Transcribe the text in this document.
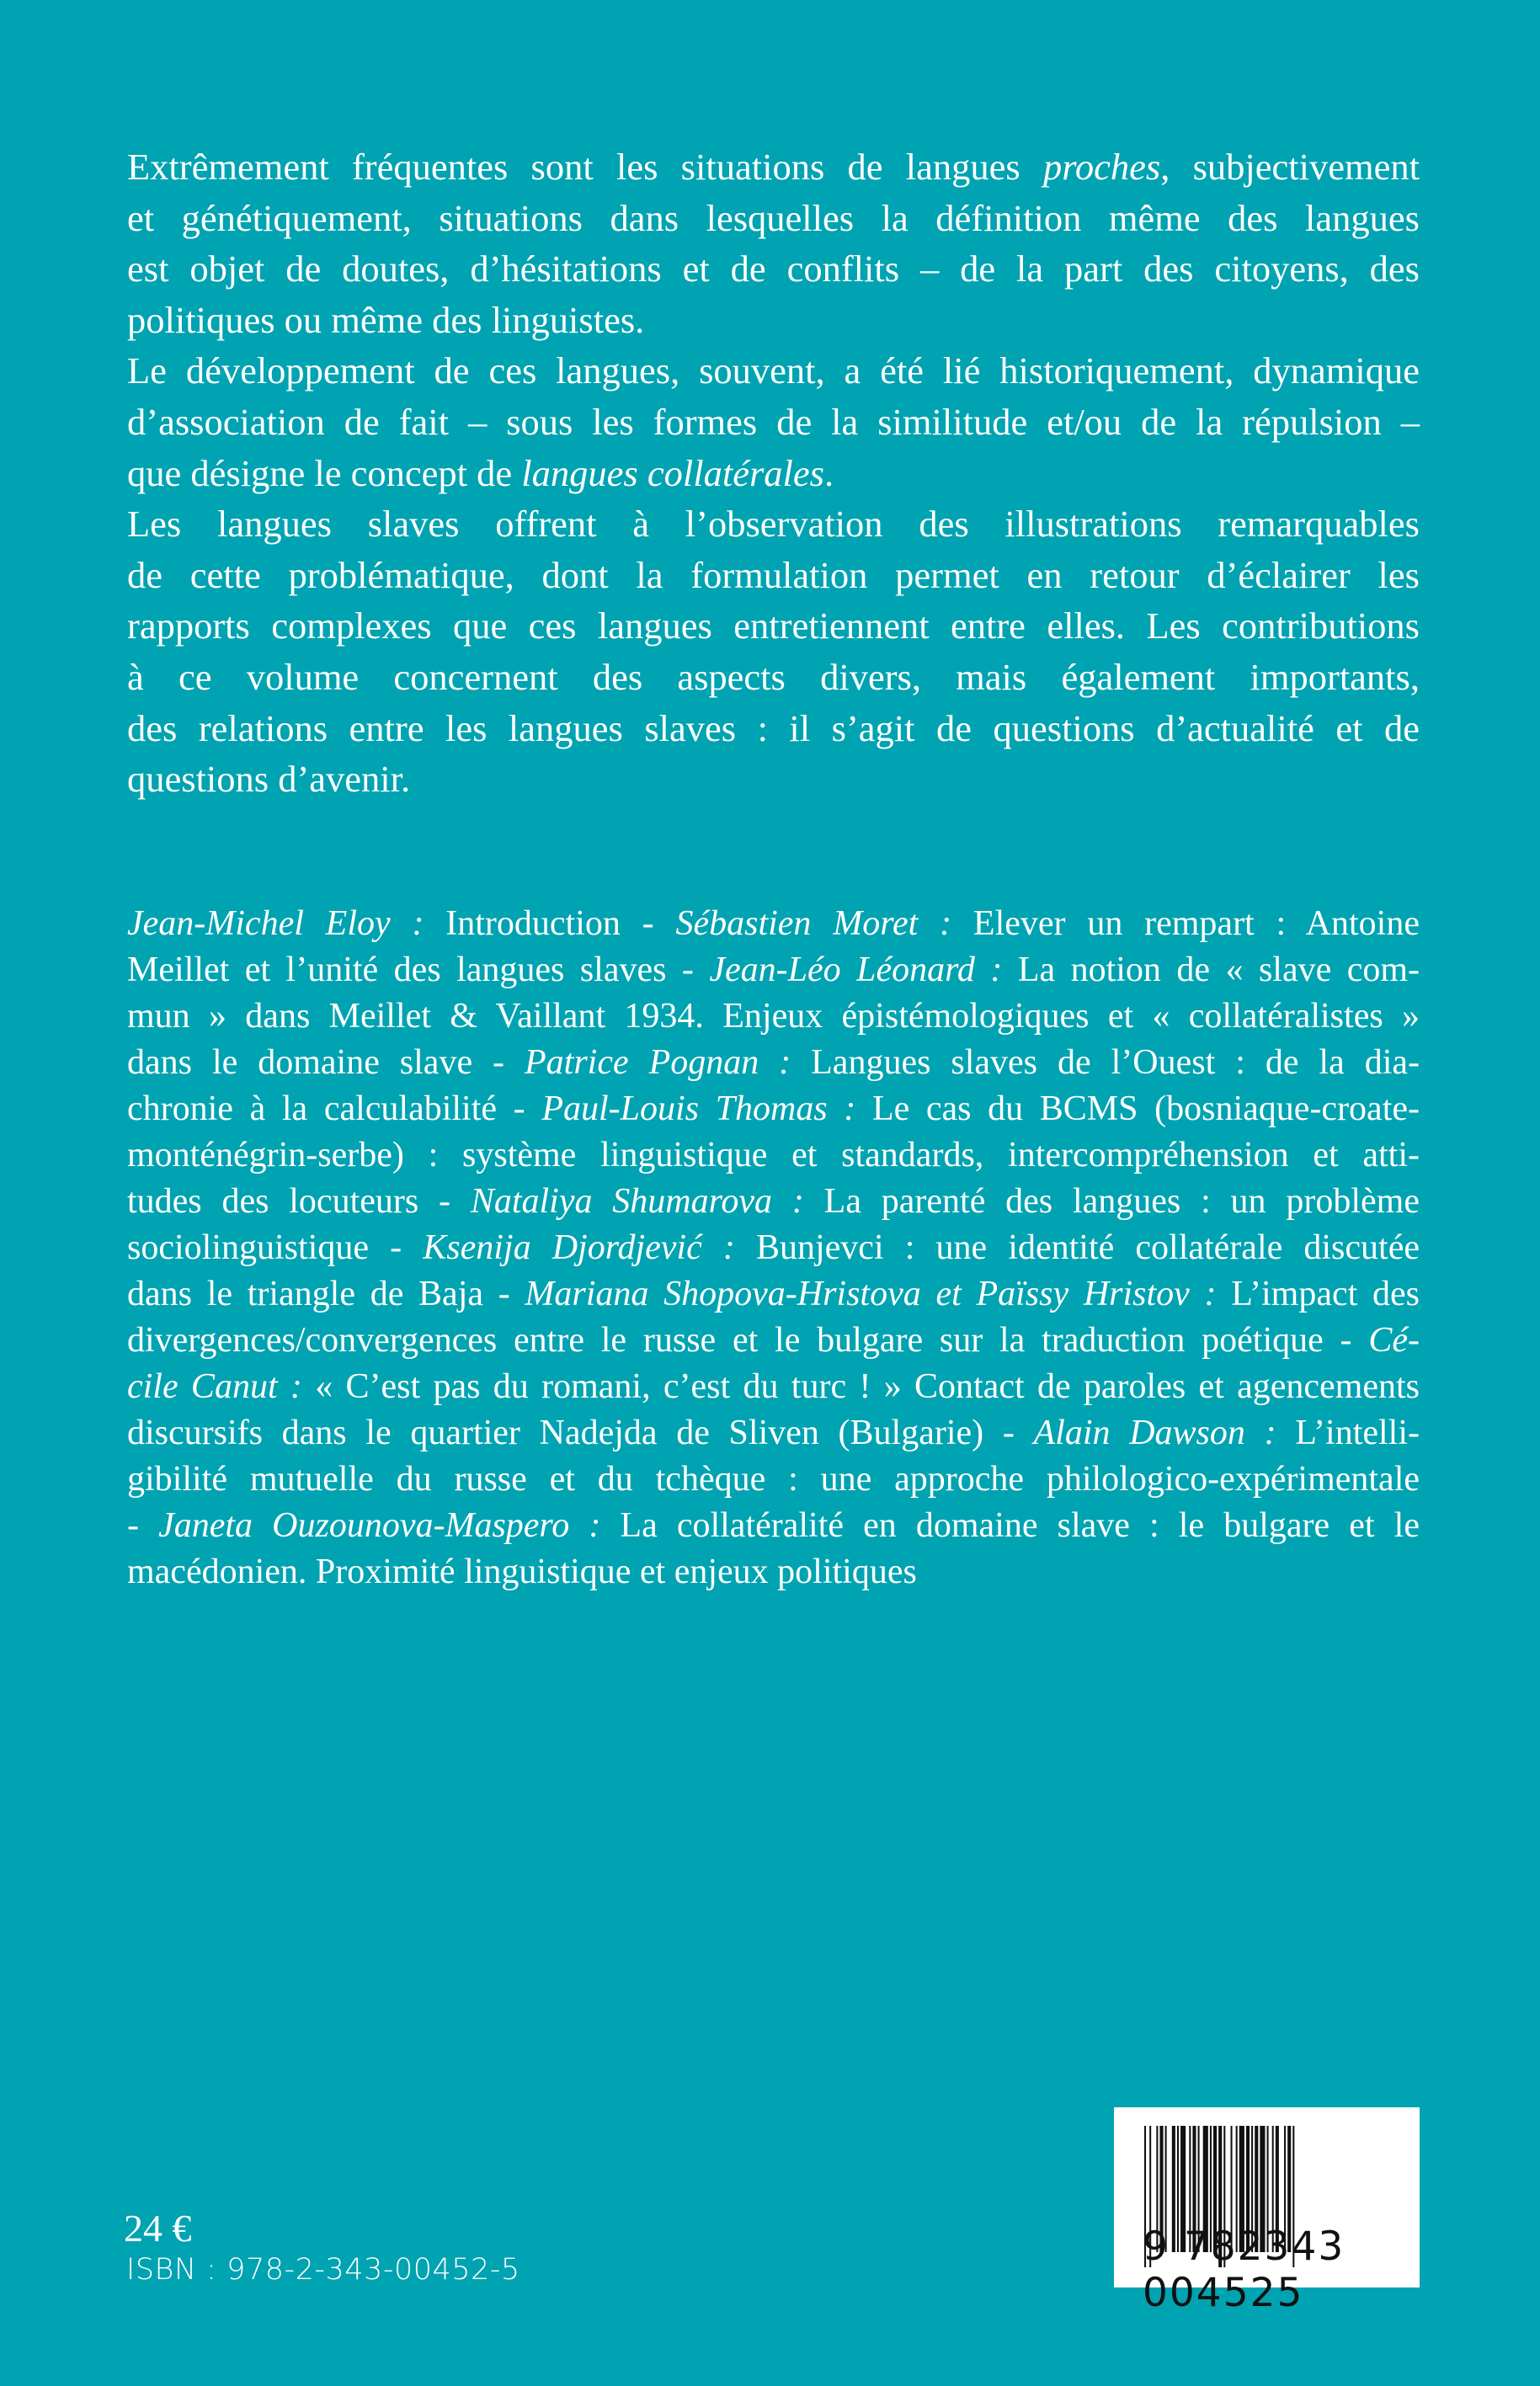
Extrêmement fréquentes sont les situations de langues proches, subjectivement
et génétiquement, situations dans lesquelles la définition même des langues
est objet de doutes, d’hésitations et de conflits – de la part des citoyens, des
politiques ou même des linguistes.
Le développement de ces langues, souvent, a été lié historiquement, dynamique
d’association de fait – sous les formes de la similitude et/ou de la répulsion –
que désigne le concept de langues collatérales.
Les langues slaves offrent à l’observation des illustrations remarquables
de cette problématique, dont la formulation permet en retour d’éclairer les
rapports complexes que ces langues entretiennent entre elles. Les contributions
à ce volume concernent des aspects divers, mais également importants,
des relations entre les langues slaves : il s’agit de questions d’actualité et de
questions d’avenir.
Jean-Michel Eloy : Introduction - Sébastien Moret : Elever un rempart : Antoine
Meillet et l’unité des langues slaves - Jean-Léo Léonard : La notion de « slave com-
mun » dans Meillet & Vaillant 1934. Enjeux épistémologiques et « collatéralistes »
dans le domaine slave - Patrice Pognan : Langues slaves de l’Ouest : de la dia-
chronie à la calculabilité - Paul-Louis Thomas : Le cas du BCMS (bosniaque-croate-
monténégrin-serbe) : système linguistique et standards, intercompréhension et atti-
tudes des locuteurs - Nataliya Shumarova : La parenté des langues : un problème
sociolinguistique - Ksenija Djordjević : Bunjevci : une identité collatérale discutée
dans le triangle de Baja - Mariana Shopova-Hristova et Païssy Hristov : L’impact des
divergences/convergences entre le russe et le bulgare sur la traduction poétique - Cé-
cile Canut : « C’est pas du romani, c’est du turc ! » Contact de paroles et agencements
discursifs dans le quartier Nadejda de Sliven (Bulgarie) - Alain Dawson : L’intelli-
gibilité mutuelle du russe et du tchèque : une approche philologico-expérimentale
- Janeta Ouzounova-Maspero : La collatéralité en domaine slave : le bulgare et le
macédonien. Proximité linguistique et enjeux politiques
24 €
ISBN : 978-2-343-00452-5	9 782343 004525
